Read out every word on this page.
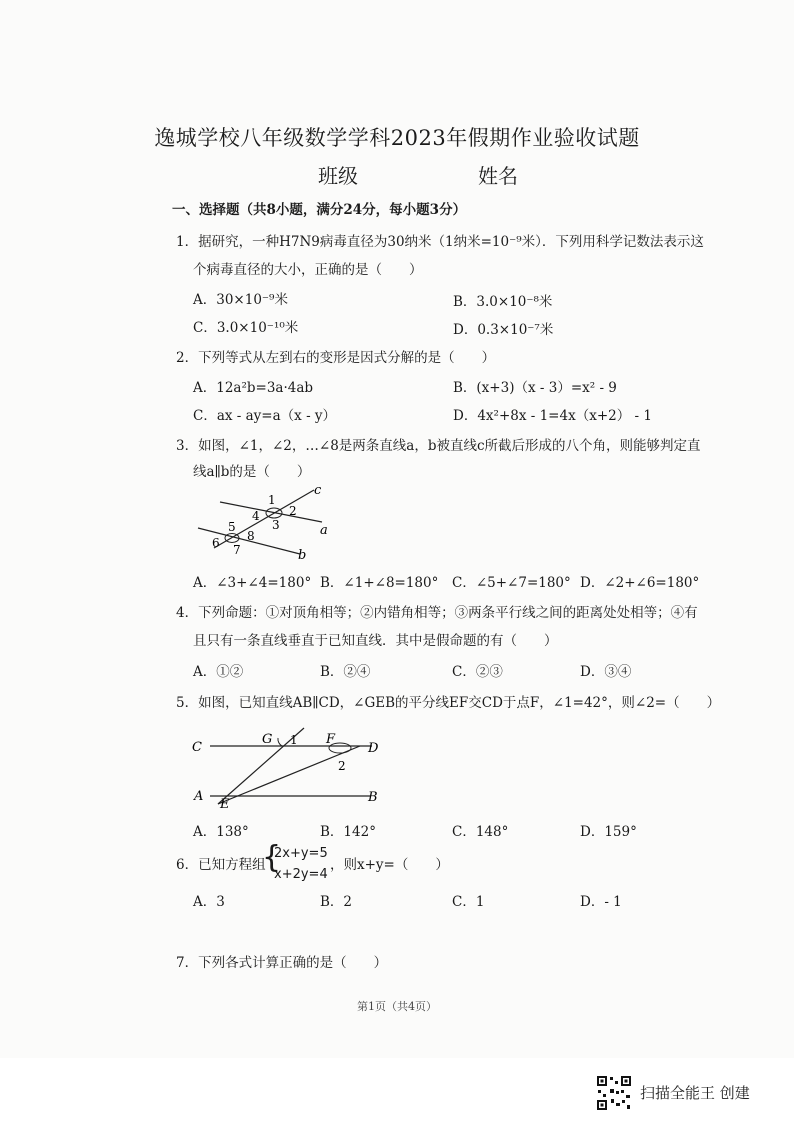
逸城学校八年级数学学科2023年假期作业验收试题
班级	姓名
一、选择题（共8小题，满分24分，每小题3分）
1．据研究，一种H7N9病毒直径为30纳米（1纳米=10⁻⁹米）．下列用科学记数法表示这
个病毒直径的大小，正确的是（　　）
A．30×10⁻⁹米	B．3.0×10⁻⁸米
C．3.0×10⁻¹⁰米	D．0.3×10⁻⁷米
2．下列等式从左到右的变形是因式分解的是（　　）
A．12a²b=3a·4ab	B．(x+3)（x - 3）=x² - 9
C．ax - ay=a（x - y）	D．4x²+8x - 1=4x（x+2） - 1
3．如图，∠1，∠2，…∠8是两条直线a，b被直线c所截后形成的八个角，则能够判定直
线a∥b的是（　　）
1
2
3
4
5
6 7
8	a
b
c
A．∠3+∠4=180° B．∠1+∠8=180° C．∠5+∠7=180° D．∠2+∠6=180°
4．下列命题：①对顶角相等；②内错角相等；③两条平行线之间的距离处处相等；④有
且只有一条直线垂直于已知直线．其中是假命题的有（　　）
A．①②	B．②④	C．②③	D．③④
5．如图，已知直线AB∥CD，∠GEB的平分线EF交CD于点F，∠1=42°，则∠2=（　　）
C
G 1 F
D
2
A
E	B
A．138°	B．142°	C．148°	D．159°
6．已知方程组
{
2x+y=5
x+2y=4
，则x+y=（　　）
A．3	B．2	C．1	D．- 1
7．下列各式计算正确的是（　　）
第1页（共4页）
扫描全能王 创建
